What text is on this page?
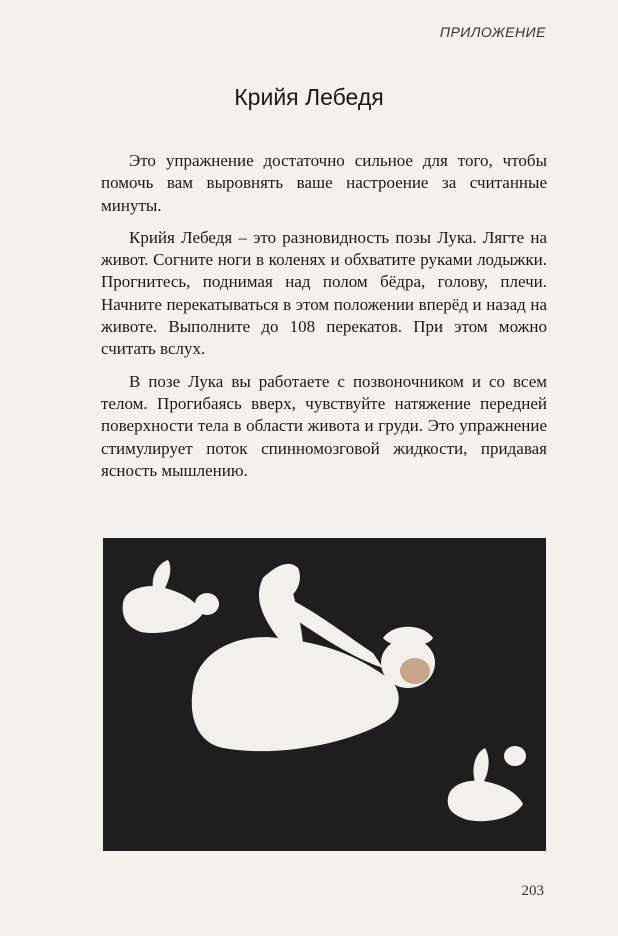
ПРИЛОЖЕНИЕ
Крийя Лебедя

Это упражнение достаточно сильное для того, чтобы помочь вам выровнять ваше настроение за считанные минуты.

Крийя Лебедя – это разновидность позы Лука. Лягте на живот. Согните ноги в коленях и обхватите руками лодыжки. Прогнитесь, поднимая над полом бёдра, голову, плечи. Начните перекатываться в этом положении вперёд и назад на животе. Выполните до 108 перекатов. При этом можно считать вслух.

В позе Лука вы работаете с позвоночником и со всем телом. Прогибаясь вверх, чувствуйте натяжение передней поверхности тела в области живота и груди. Это упражнение стимулирует поток спинномозговой жидкости, придавая ясность мышлению.

203
